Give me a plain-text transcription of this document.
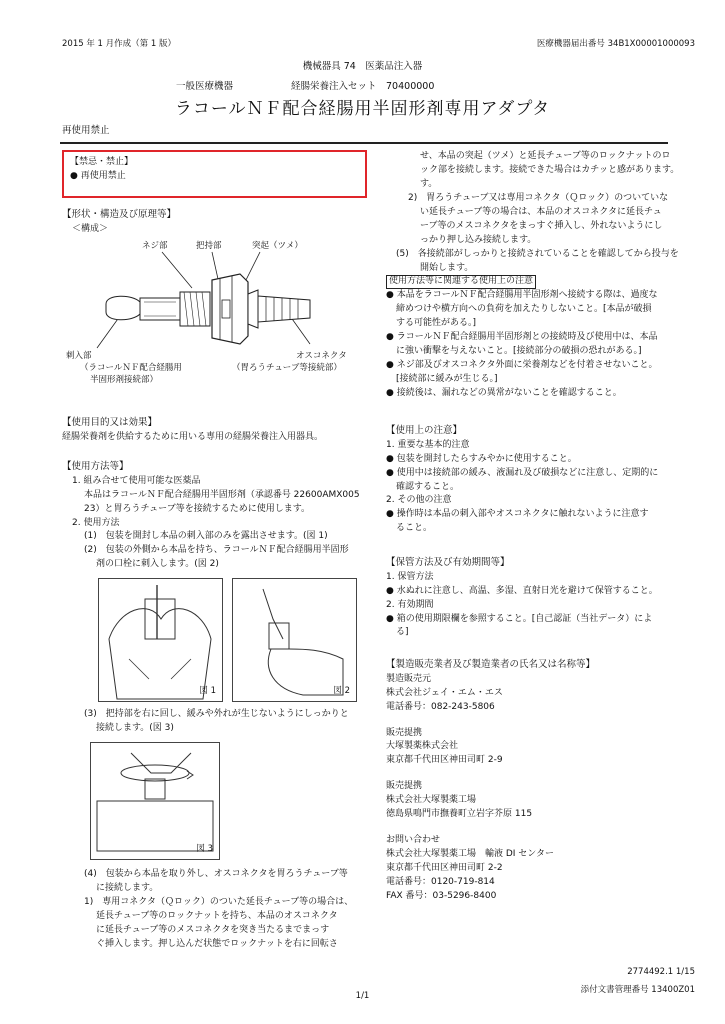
2015 年 1 月作成（第 1 版）	医療機器届出番号 34B1X00001000093
機械器具 74　医薬品注入器
一般医療機器	経腸栄養注入セット　70400000
ラコールＮＦ配合経腸用半固形剤専用アダプタ
再使用禁止
【禁忌・禁止】
● 再使用禁止
【形状・構造及び原理等】
＜構成＞
ネジ部	把持部	突起（ツメ）
刺入部
（ラコールＮＦ配合経腸用
半固形剤接続部）
オスコネクタ
（胃ろうチューブ等接続部）
【使用目的又は効果】
経腸栄養剤を供給するために用いる専用の経腸栄養注入用器具。
【使用方法等】
1. 組み合せて使用可能な医薬品
本品はラコールＮＦ配合経腸用半固形剤（承認番号 22600AMX005
23）と胃ろうチューブ等を接続するために使用します。
2. 使用方法
(1)　包装を開封し本品の刺入部のみを露出させます。(図 1)
(2)　包装の外側から本品を持ち、ラコールＮＦ配合経腸用半固形
剤の口栓に刺入します。(図 2)
図 1	図 2
(3)　把持部を右に回し、緩みや外れが生じないようにしっかりと
接続します。(図 3)
図 3
(4)　包装から本品を取り外し、オスコネクタを胃ろうチューブ等
に接続します。
1)　専用コネクタ（Ｑロック）のついた延長チューブ等の場合は、
延長チューブ等のロックナットを持ち、本品のオスコネクタ
に延長チューブ等のメスコネクタを突き当たるまでまっす
ぐ挿入します。押し込んだ状態でロックナットを右に回転さ
せ、本品の突起（ツメ）と延長チューブ等のロックナットのロ
ック部を接続します。接続できた場合はカチッと感があります。
す。
2)　胃ろうチューブ又は専用コネクタ（Ｑロック）のついていな
い延長チューブ等の場合は、本品のオスコネクタに延長チュ
ーブ等のメスコネクタをまっすぐ挿入し、外れないようにし
っかり押し込み接続します。
(5)　各接続部がしっかりと接続されていることを確認してから投与を
開始します。
使用方法等に関連する使用上の注意
● 本品をラコールＮＦ配合経腸用半固形剤へ接続する際は、過度な
締めつけや横方向への負荷を加えたりしないこと。[本品が破損
する可能性がある。]
● ラコールＮＦ配合経腸用半固形剤との接続時及び使用中は、本品
に強い衝撃を与えないこと。[接続部分の破損の恐れがある。]
● ネジ部及びオスコネクタ外面に栄養剤などを付着させないこと。
[接続部に緩みが生じる。]
● 接続後は、漏れなどの異常がないことを確認すること。
【使用上の注意】
1. 重要な基本的注意
● 包装を開封したらすみやかに使用すること。
● 使用中は接続部の緩み、液漏れ及び破損などに注意し、定期的に
確認すること。
2. その他の注意
● 操作時は本品の刺入部やオスコネクタに触れないように注意す
ること。
【保管方法及び有効期間等】
1. 保管方法
● 水ぬれに注意し、高温、多湿、直射日光を避けて保管すること。
2. 有効期間
● 箱の使用期限欄を参照すること。[自己認証（当社データ）によ
る]
【製造販売業者及び製造業者の氏名又は名称等】
製造販売元
株式会社ジェイ・エム・エス
電話番号：082-243-5806
販売提携
大塚製薬株式会社
東京都千代田区神田司町 2-9
販売提携
株式会社大塚製薬工場
徳島県鳴門市撫養町立岩字芥原 115
お問い合わせ
株式会社大塚製薬工場　輸液 DI センター
東京都千代田区神田司町 2-2
電話番号：0120-719-814
FAX 番号：03-5296-8400
2774492.1 1/15
1/1
添付文書管理番号 13400Z01
